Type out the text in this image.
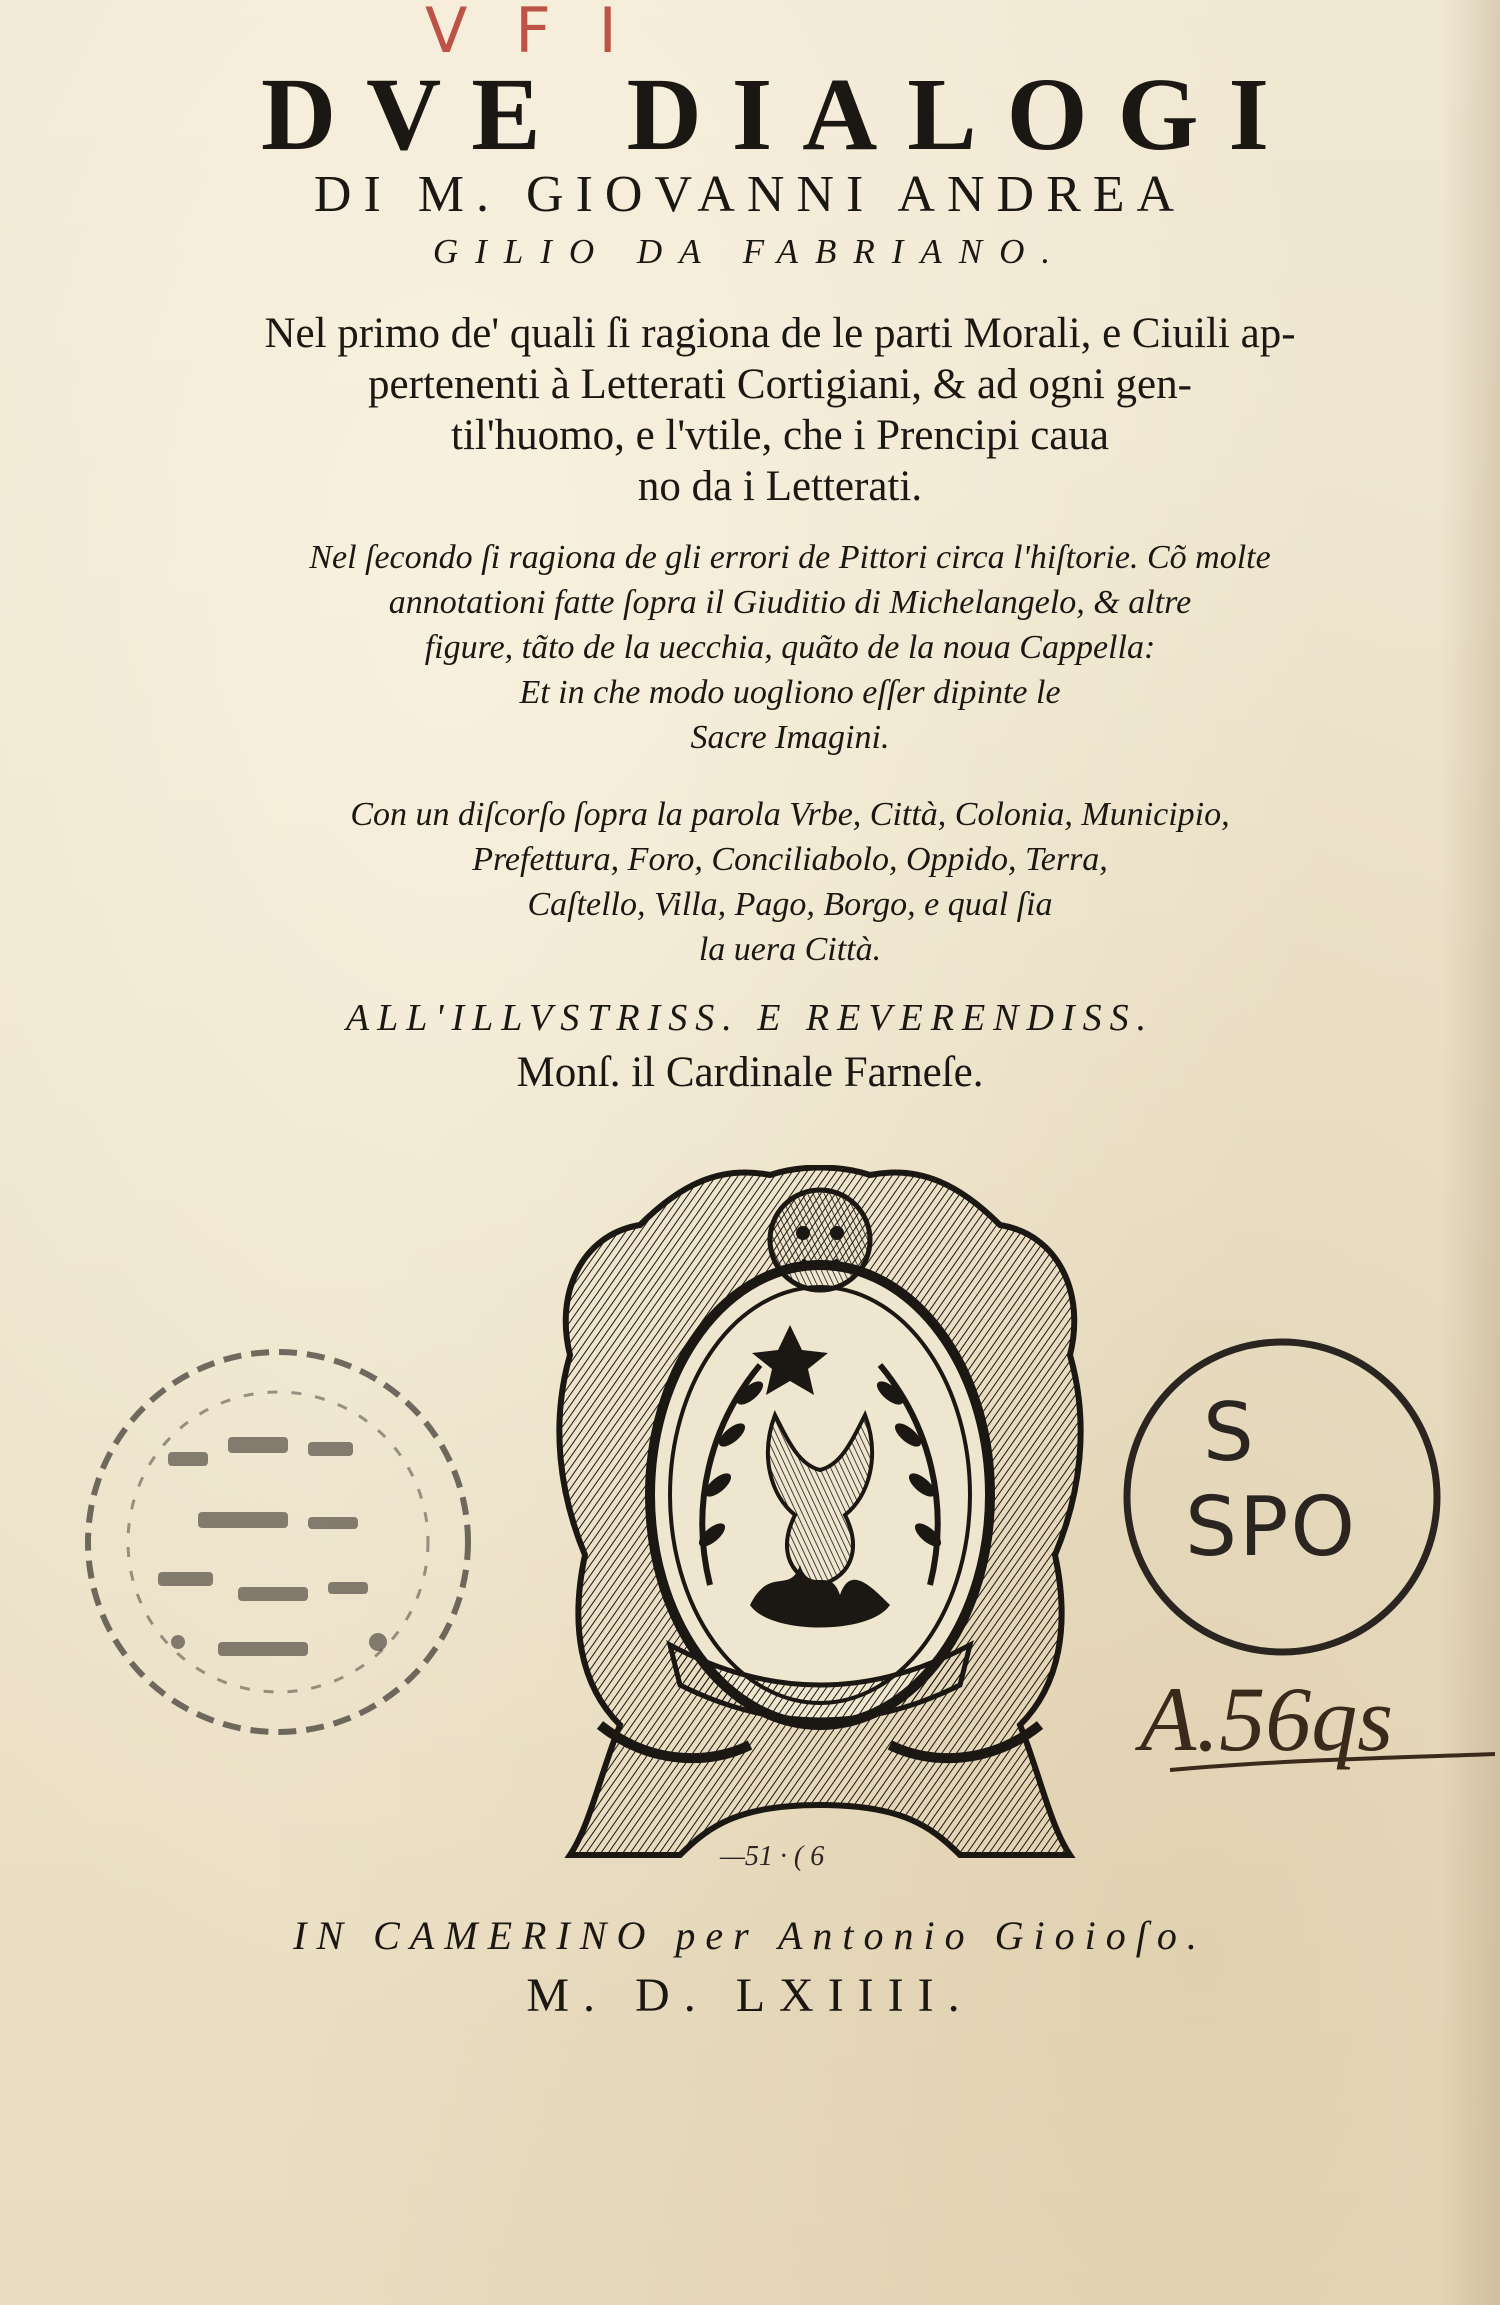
V F I
DVE DIALOGI
DI M. GIOVANNI ANDREA
GILIO DA FABRIANO.
Nel primo de' quali ſi ragiona de le parti Morali, e Ciuili ap-
pertenenti à Letterati Cortigiani, & ad ogni gen-
til'huomo, e l'vtile, che i Prencipi caua
no da i Letterati.
Nel ſecondo ſi ragiona de gli errori de Pittori circa l'hiſtorie. Cõ molte
annotationi fatte ſopra il Giuditio di Michelangelo, & altre
figure, tãto de la uecchia, quãto de la noua Cappella:
Et in che modo uogliono eſſer dipinte le
Sacre Imagini.
Con un diſcorſo ſopra la parola Vrbe, Città, Colonia, Municipio,
Prefettura, Foro, Conciliabolo, Oppido, Terra,
Caſtello, Villa, Pago, Borgo, e qual ſia
la uera Città.
ALL'ILLVSTRISS. E REVERENDISS.
Monſ. il Cardinale Farneſe.
—51 · ( 6
S
SPO
A.56qs
IN CAMERINO per Antonio Gioioſo.
M. D. LXIIII.
